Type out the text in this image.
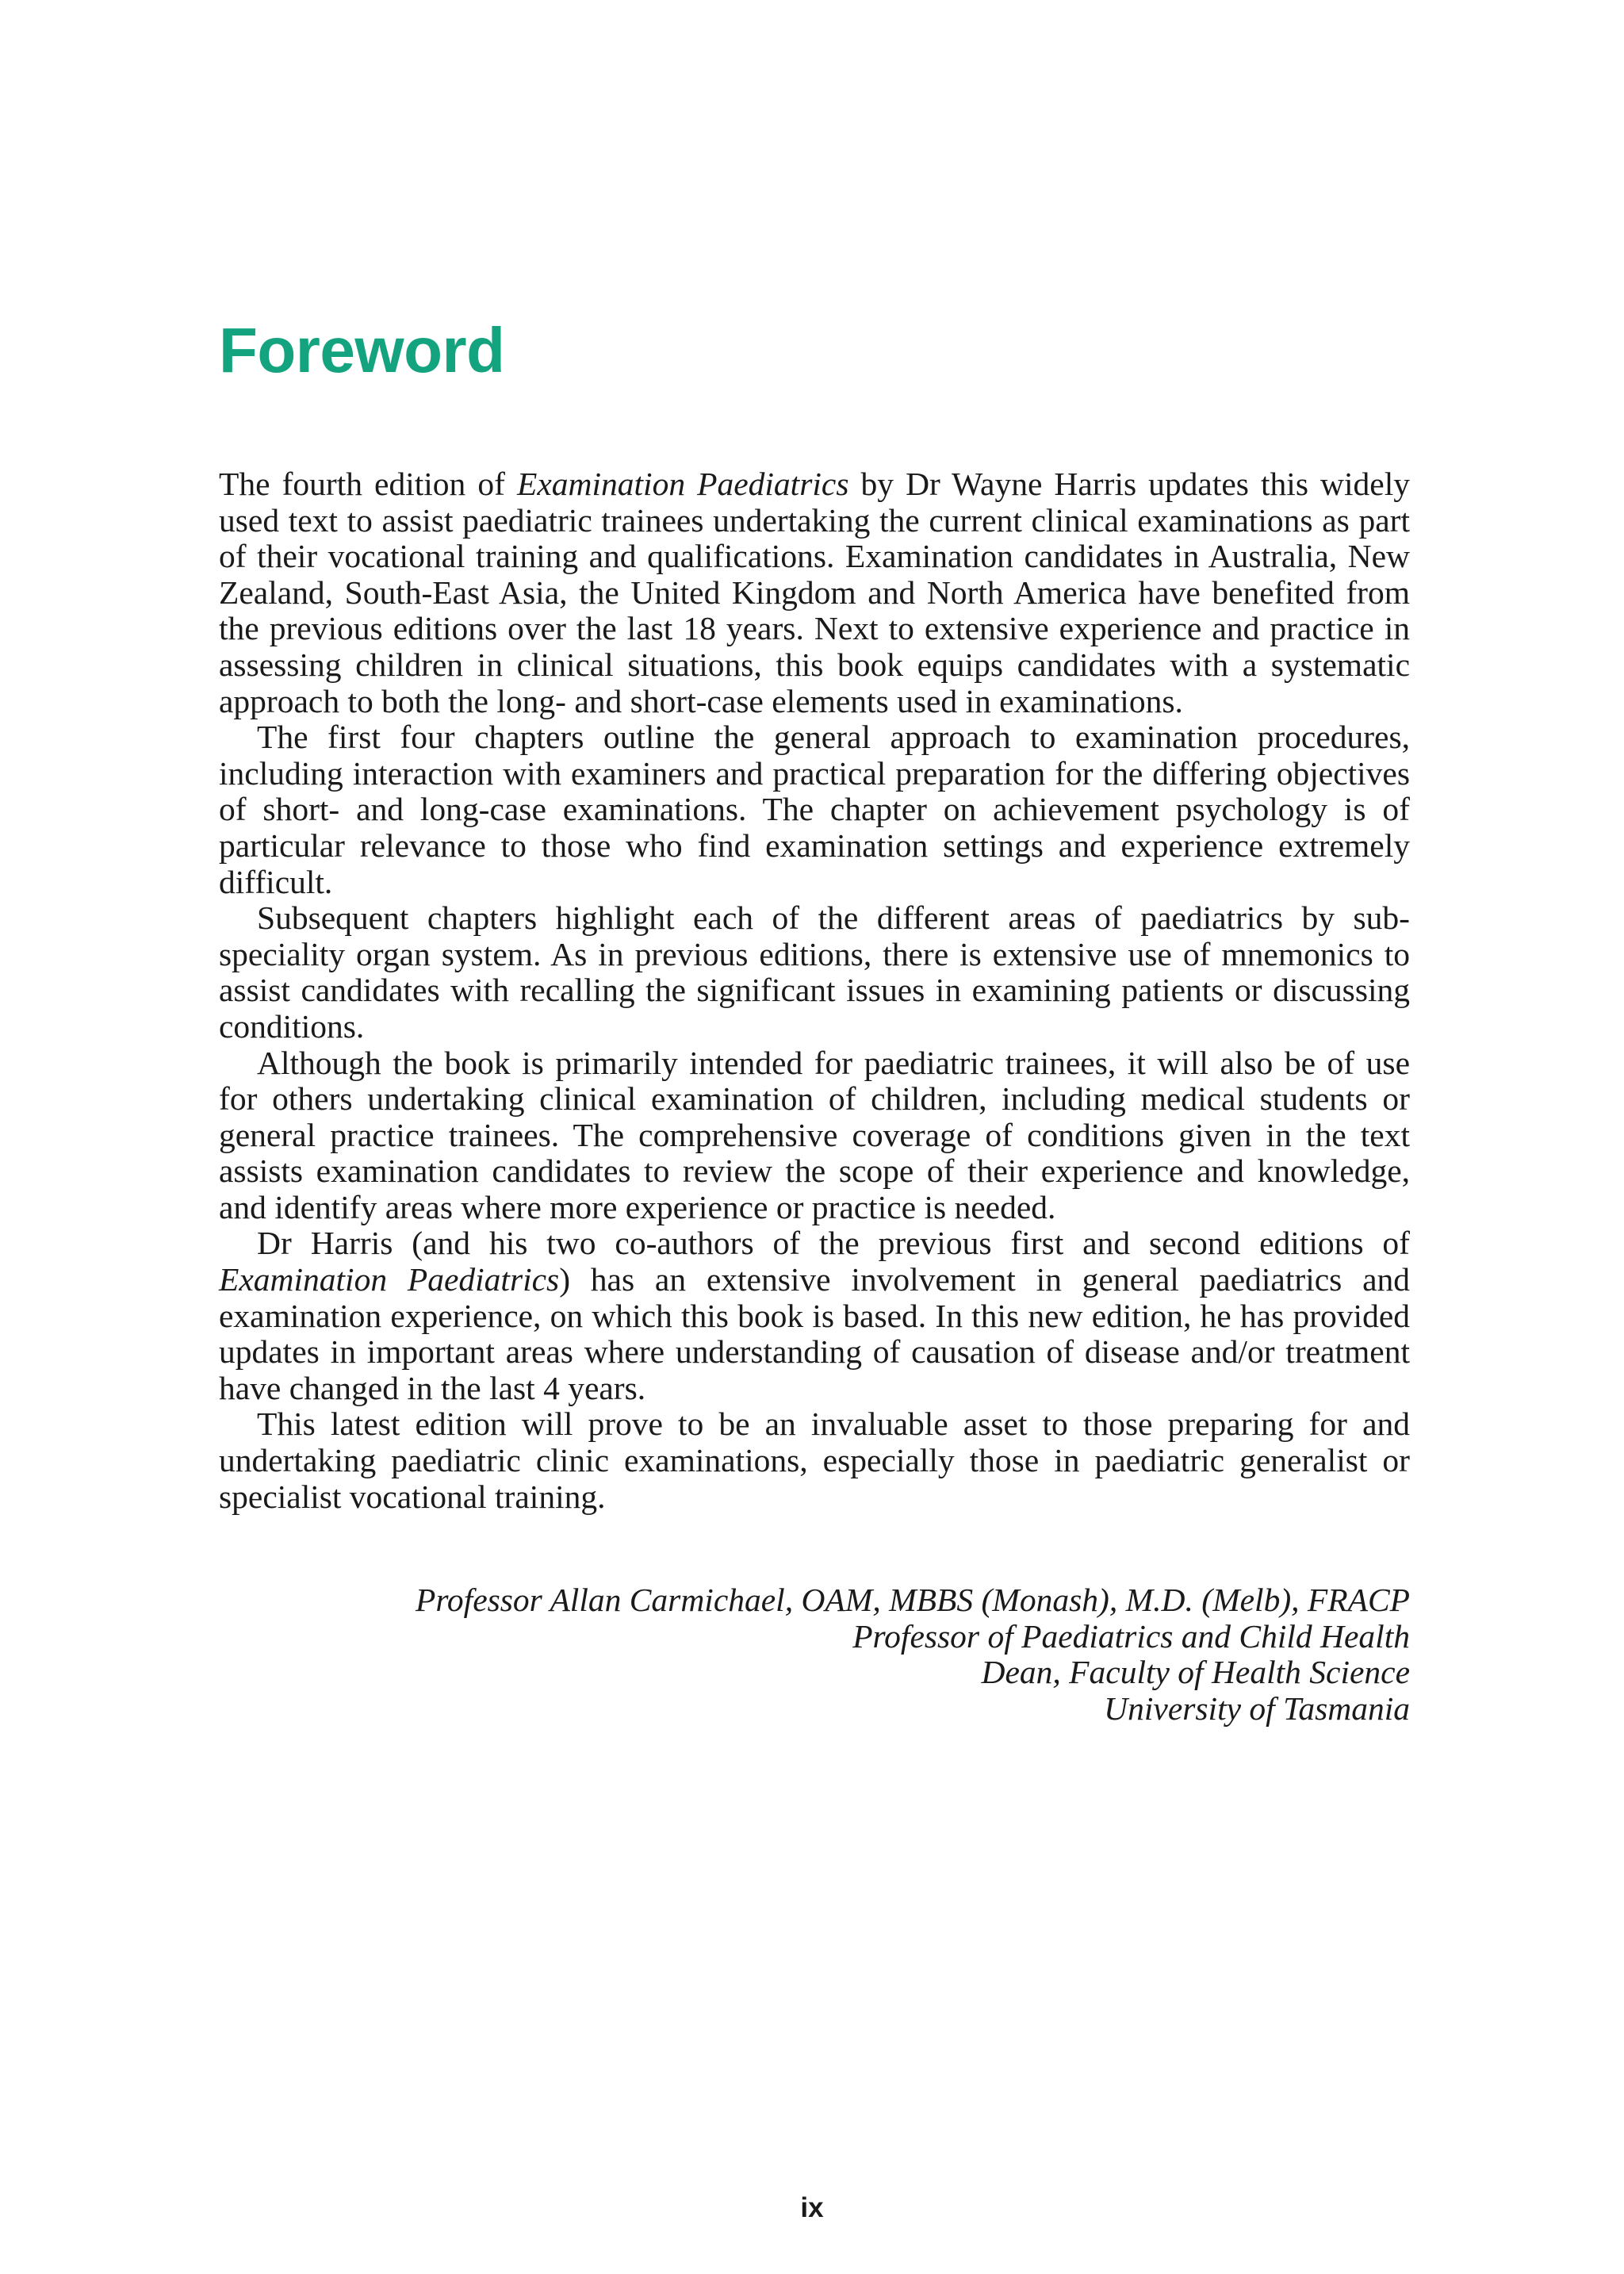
Foreword

The fourth edition of Examination Paediatrics by Dr Wayne Harris updates this widely used text to assist paediatric trainees undertaking the current clinical examinations as part of their vocational training and qualifications. Examination candidates in Australia, New Zealand, South-East Asia, the United Kingdom and North America have benefited from the previous editions over the last 18 years. Next to extensive experience and practice in assessing children in clinical situations, this book equips candidates with a systematic approach to both the long- and short-case elements used in examinations.

The first four chapters outline the general approach to examination procedures, including interaction with examiners and practical preparation for the differing objectives of short- and long-case examinations. The chapter on achievement psychology is of particular relevance to those who find examination settings and experience extremely difficult.

Subsequent chapters highlight each of the different areas of paediatrics by subspeciality organ system. As in previous editions, there is extensive use of mnemonics to assist candidates with recalling the significant issues in examining patients or discussing conditions.

Although the book is primarily intended for paediatric trainees, it will also be of use for others undertaking clinical examination of children, including medical students or general practice trainees. The comprehensive coverage of conditions given in the text assists examination candidates to review the scope of their experience and knowledge, and identify areas where more experience or practice is needed.

Dr Harris (and his two co-authors of the previous first and second editions of Examination Paediatrics) has an extensive involvement in general paediatrics and examination experience, on which this book is based. In this new edition, he has provided updates in important areas where understanding of causation of disease and/or treatment have changed in the last 4 years.

This latest edition will prove to be an invaluable asset to those preparing for and undertaking paediatric clinic examinations, especially those in paediatric generalist or specialist vocational training.

Professor Allan Carmichael, OAM, MBBS (Monash), M.D. (Melb), FRACP
Professor of Paediatrics and Child Health
Dean, Faculty of Health Science
University of Tasmania
ix
